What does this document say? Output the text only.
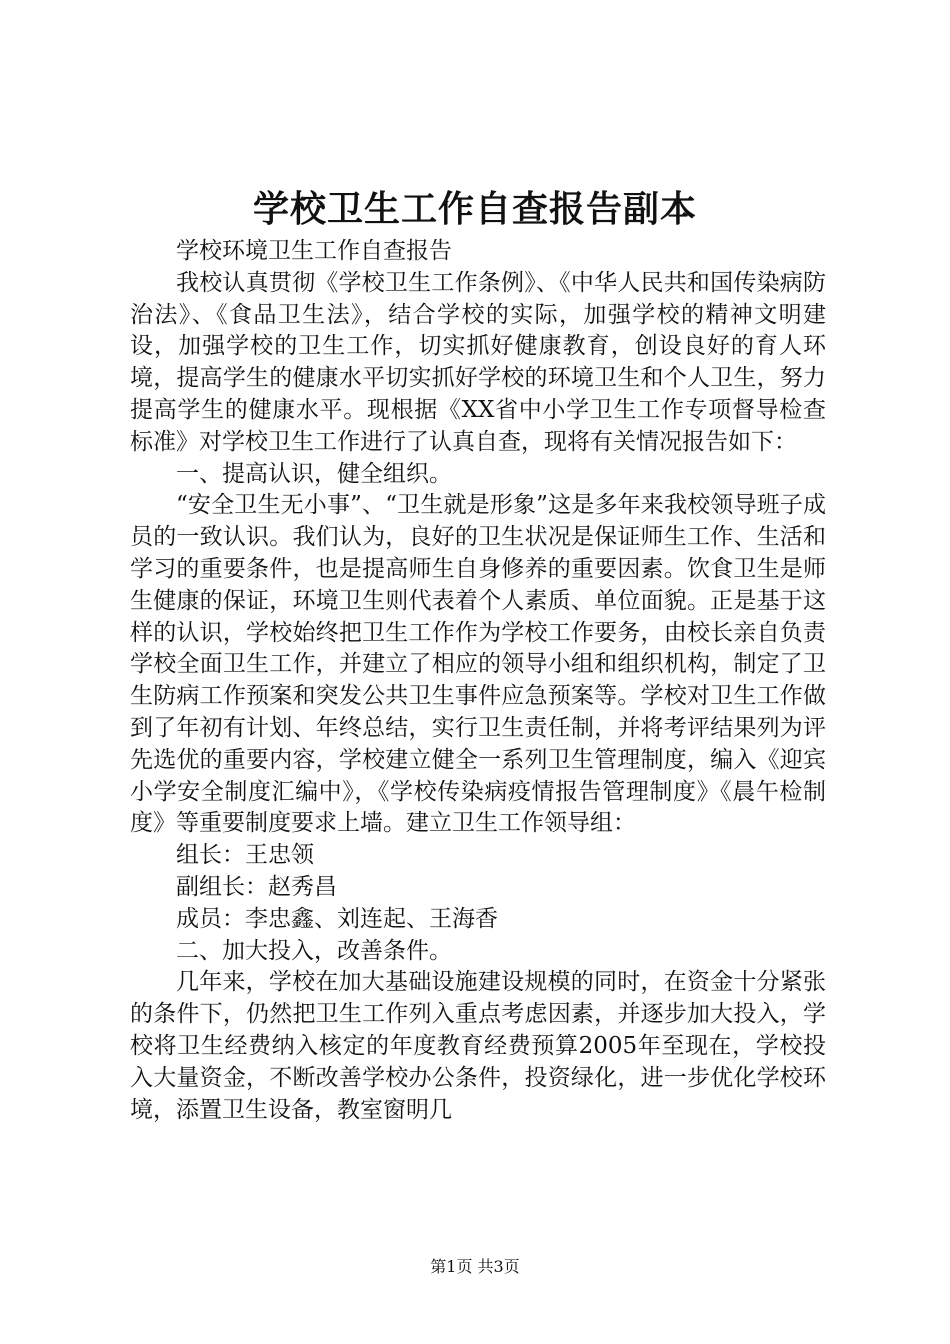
学校卫生工作自查报告副本

学校环境卫生工作自查报告

我校认真贯彻《学校卫生工作条例》、《中华人民共和国传染病防治法》、《食品卫生法》，结合学校的实际，加强学校的精神文明建设，加强学校的卫生工作，切实抓好健康教育，创设良好的育人环境，提高学生的健康水平切实抓好学校的环境卫生和个人卫生，努力提高学生的健康水平。现根据《XX省中小学卫生工作专项督导检查标准》对学校卫生工作进行了认真自查，现将有关情况报告如下：

一、提高认识，健全组织。

“安全卫生无小事”、“卫生就是形象”这是多年来我校领导班子成员的一致认识。我们认为，良好的卫生状况是保证师生工作、生活和学习的重要条件，也是提高师生自身修养的重要因素。饮食卫生是师生健康的保证，环境卫生则代表着个人素质、单位面貌。正是基于这样的认识，学校始终把卫生工作作为学校工作要务，由校长亲自负责学校全面卫生工作，并建立了相应的领导小组和组织机构，制定了卫生防病工作预案和突发公共卫生事件应急预案等。学校对卫生工作做到了年初有计划、年终总结，实行卫生责任制，并将考评结果列为评先选优的重要内容，学校建立健全一系列卫生管理制度，编入《迎宾小学安全制度汇编中》，《学校传染病疫情报告管理制度》《晨午检制度》等重要制度要求上墙。建立卫生工作领导组：

组长：王忠领

副组长：赵秀昌

成员：李忠鑫、刘连起、王海香

二、加大投入，改善条件。

几年来，学校在加大基础设施建设规模的同时，在资金十分紧张的条件下，仍然把卫生工作列入重点考虑因素，并逐步加大投入，学校将卫生经费纳入核定的年度教育经费预算2005年至现在，学校投入大量资金，不断改善学校办公条件，投资绿化，进一步优化学校环境，添置卫生设备，教室窗明几

第1页 共3页
